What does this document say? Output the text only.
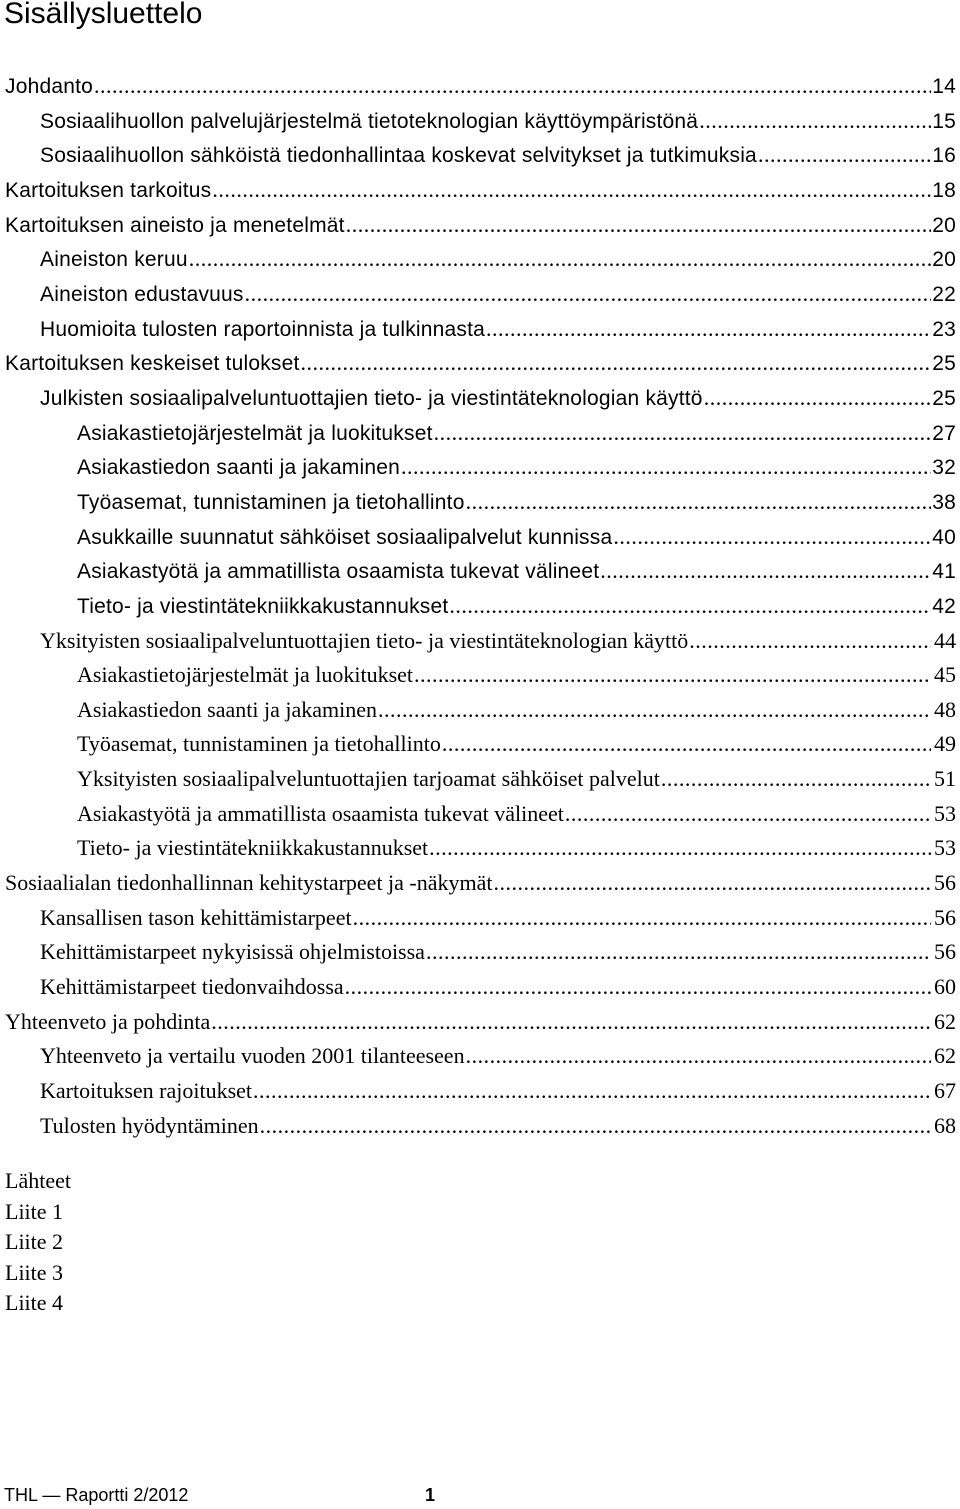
Sisällysluettelo
Johdanto .....	14
Sosiaalihuollon palvelujärjestelmä tietoteknologian käyttöympäristönä .....	15
Sosiaalihuollon sähköistä tiedonhallintaa koskevat selvitykset ja tutkimuksia .....	16
Kartoituksen tarkoitus .....	18
Kartoituksen aineisto ja menetelmät .....	20
Aineiston keruu .....	20
Aineiston edustavuus .....	22
Huomioita tulosten raportoinnista ja tulkinnasta .....	23
Kartoituksen keskeiset tulokset .....	25
Julkisten sosiaalipalveluntuottajien tieto- ja viestintäteknologian käyttö .....	25
Asiakastietojärjestelmät ja luokitukset .....	27
Asiakastiedon saanti ja jakaminen .....	32
Työasemat, tunnistaminen ja tietohallinto .....	38
Asukkaille suunnatut sähköiset sosiaalipalvelut kunnissa .....	40
Asiakastyötä ja ammatillista osaamista tukevat välineet .....	41
Tieto- ja viestintätekniikkakustannukset .....	42
Yksityisten sosiaalipalveluntuottajien tieto- ja viestintäteknologian käyttö .....	44
Asiakastietojärjestelmät ja luokitukset .....	45
Asiakastiedon saanti ja jakaminen .....	48
Työasemat, tunnistaminen ja tietohallinto .....	49
Yksityisten sosiaalipalveluntuottajien tarjoamat sähköiset palvelut .....	51
Asiakastyötä ja ammatillista osaamista tukevat välineet .....	53
Tieto- ja viestintätekniikkakustannukset .....	53
Sosiaalialan tiedonhallinnan kehitystarpeet ja -näkymät .....	56
Kansallisen tason kehittämistarpeet .....	56
Kehittämistarpeet nykyisissä ohjelmistoissa .....	56
Kehittämistarpeet tiedonvaihdossa .....	60
Yhteenveto ja pohdinta .....	62
Yhteenveto ja vertailu vuoden 2001 tilanteeseen .....	62
Kartoituksen rajoitukset .....	67
Tulosten hyödyntäminen .....	68
Lähteet
Liite 1
Liite 2
Liite 3
Liite 4
THL — Raportti 2/2012	1
